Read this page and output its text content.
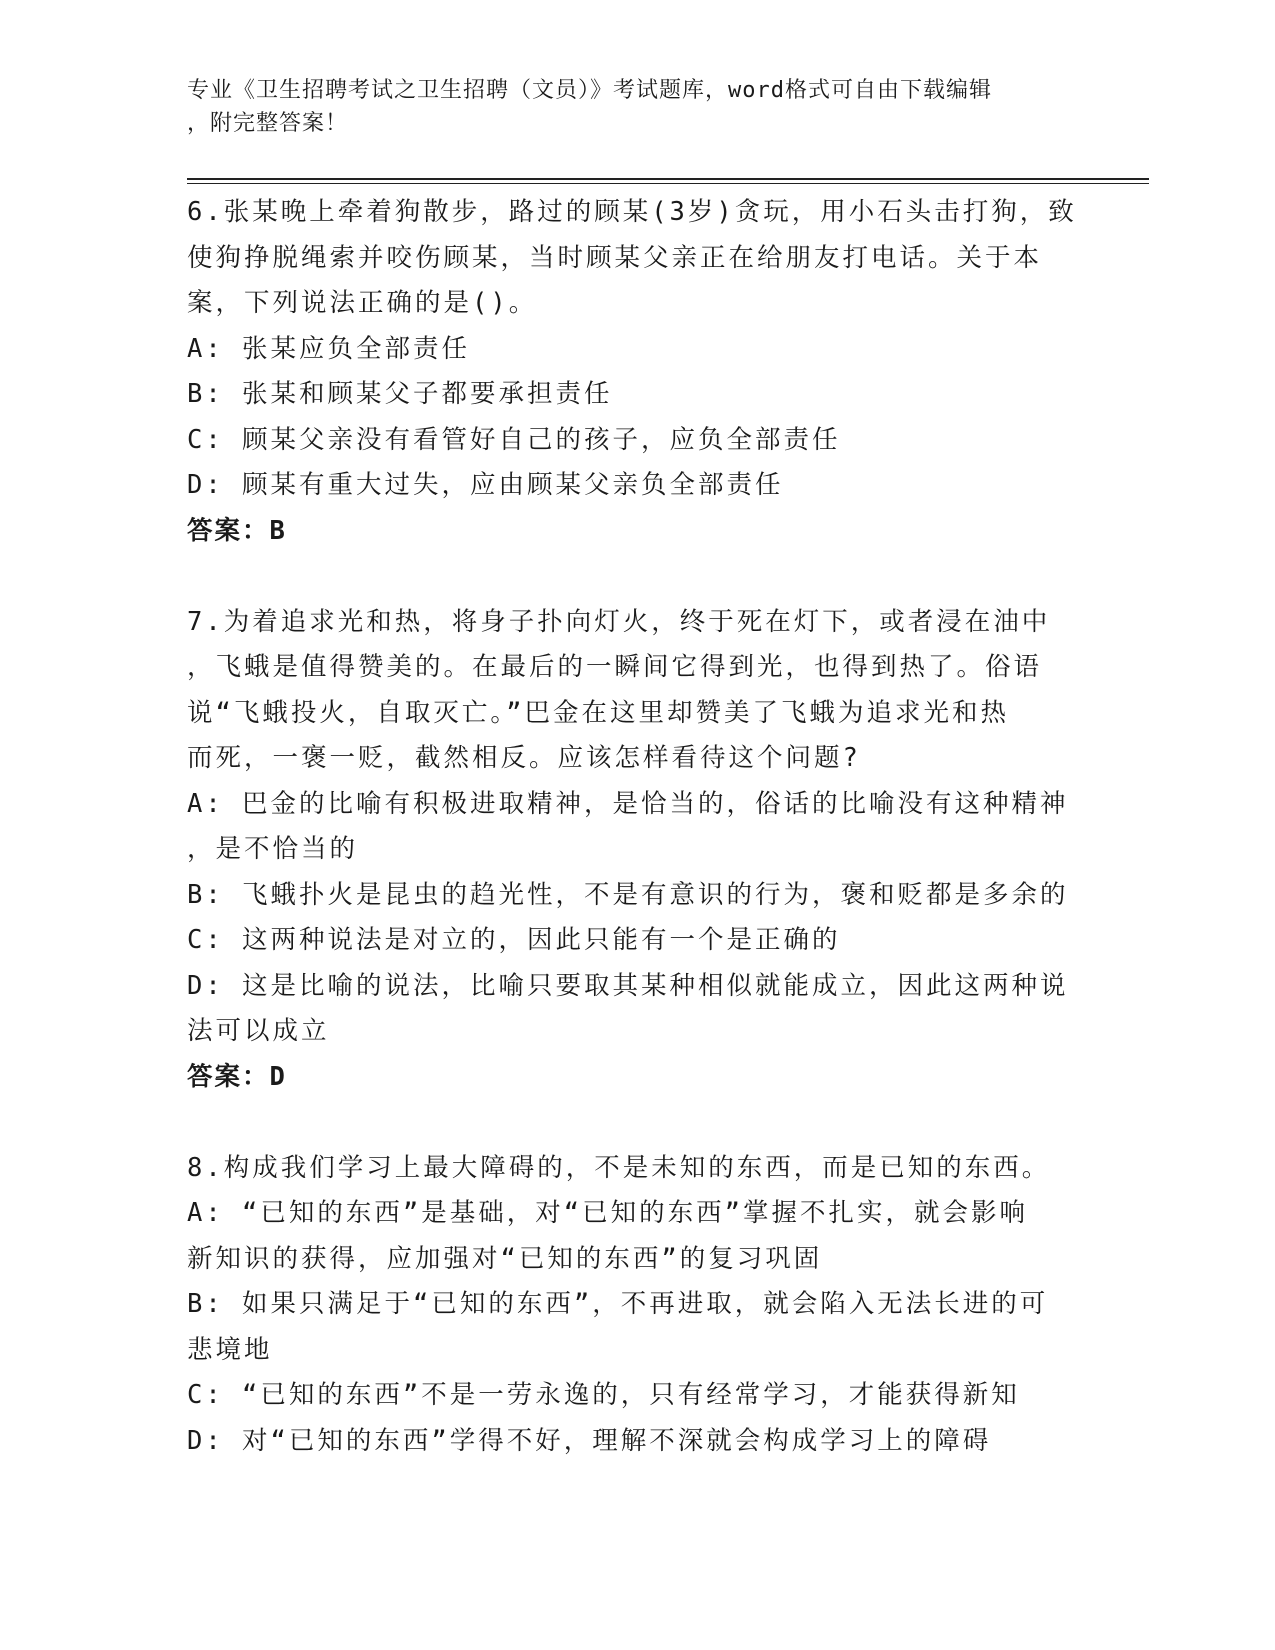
专业《卫生招聘考试之卫生招聘（文员）》考试题库，word格式可自由下载编辑
，附完整答案！
6.张某晚上牵着狗散步，路过的顾某(3岁)贪玩，用小石头击打狗，致
使狗挣脱绳索并咬伤顾某，当时顾某父亲正在给朋友打电话。关于本
案，下列说法正确的是()。
A: 张某应负全部责任
B: 张某和顾某父子都要承担责任
C: 顾某父亲没有看管好自己的孩子，应负全部责任
D: 顾某有重大过失，应由顾某父亲负全部责任
答案：B
7.为着追求光和热，将身子扑向灯火，终于死在灯下，或者浸在油中
，飞蛾是值得赞美的。在最后的一瞬间它得到光，也得到热了。俗语
说“飞蛾投火，自取灭亡。”巴金在这里却赞美了飞蛾为追求光和热
而死，一褒一贬，截然相反。应该怎样看待这个问题?
A: 巴金的比喻有积极进取精神，是恰当的，俗话的比喻没有这种精神
，是不恰当的
B: 飞蛾扑火是昆虫的趋光性，不是有意识的行为，褒和贬都是多余的
C: 这两种说法是对立的，因此只能有一个是正确的
D: 这是比喻的说法，比喻只要取其某种相似就能成立，因此这两种说
法可以成立
答案：D
8.构成我们学习上最大障碍的，不是未知的东西，而是已知的东西。
A: “已知的东西”是基础，对“已知的东西”掌握不扎实，就会影响
新知识的获得，应加强对“已知的东西”的复习巩固
B: 如果只满足于“已知的东西”，不再进取，就会陷入无法长进的可
悲境地
C: “已知的东西”不是一劳永逸的，只有经常学习，才能获得新知
D: 对“已知的东西”学得不好，理解不深就会构成学习上的障碍
